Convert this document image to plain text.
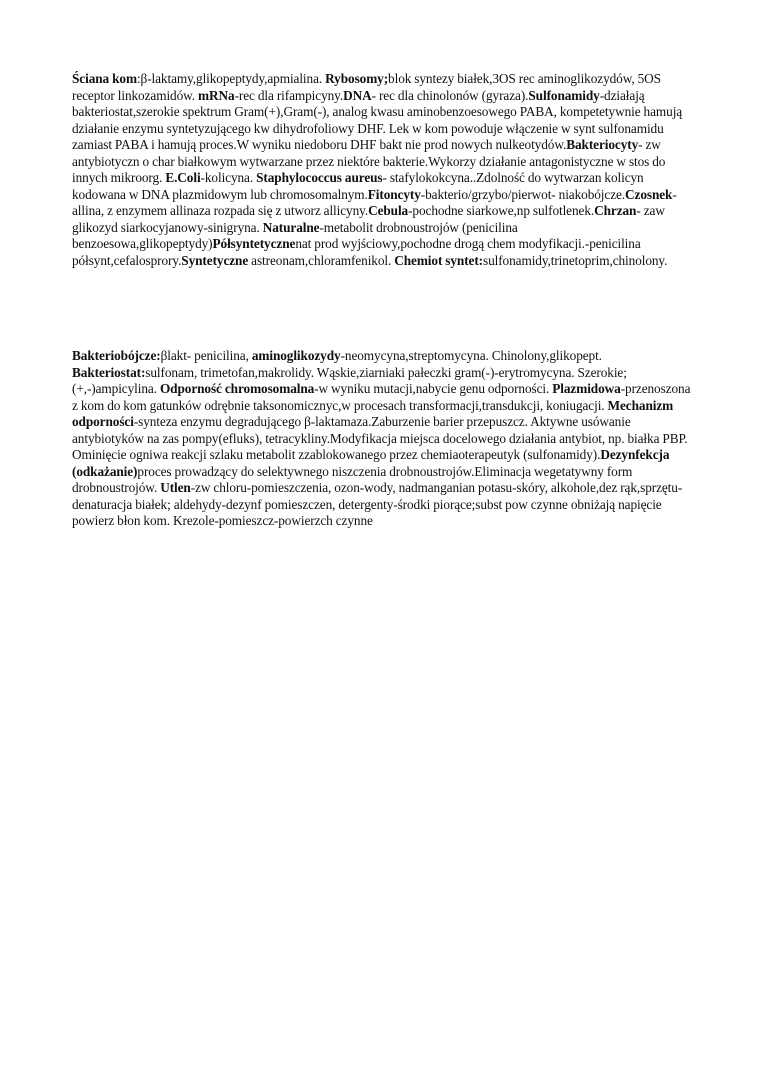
Ściana kom:β-laktamy,glikopeptydy,apmialina. Rybosomy;blok syntezy białek,3OS rec aminoglikozydów, 5OS receptor linkozamidów. mRNa-rec dla rifampicyny.DNA- rec dla chinolonów (gyraza).Sulfonamidy-działają bakteriostat,szerokie spektrum Gram(+),Gram(-), analog kwasu aminobenzoesowego PABA, kompetetywnie hamują działanie enzymu syntetyzującego kw dihydrofoliowy DHF. Lek w kom powoduje włączenie w synt sulfonamidu zamiast PABA i hamują proces.W wyniku niedoboru DHF bakt nie prod nowych nulkeotydów.Bakteriocyty- zw antybiotyczn o char białkowym wytwarzane przez niektóre bakterie.Wykorzy działanie antagonistyczne w stos do innych mikroorg. E.Coli-kolicyna. Staphylococcus aureus- stafylokokcyna..Zdolność do wytwarzan kolicyn kodowana w DNA plazmidowym lub chromosomalnym.Fitoncyty-bakterio/grzybo/pierwot- niakobójcze.Czosnek-allina, z enzymem allinaza rozpada się z utworz allicyny.Cebula-pochodne siarkowe,np sulfotlenek.Chrzan- zaw glikozyd siarkocyjanowy-sinigryna. Naturalne-metabolit drobnoustrojów (penicilina benzoesowa,glikopeptydy)Półsyntetycznenat prod wyjściowy,pochodne drogą chem modyfikacji.-penicilina półsynt,cefalosprory.Syntetyczne astreonam,chloramfenikol. Chemiot syntet:sulfonamidy,trinetoprim,chinolony.

Bakteriobójcze:βlakt- penicilina, aminoglikozydy-neomycyna,streptomycyna. Chinolony,glikopept. Bakteriostat:sulfonam, trimetofan,makrolidy. Wąskie,ziarniaki pałeczki gram(-)-erytromycyna. Szerokie;(+,-)ampicylina. Odporność chromosomalna-w wyniku mutacji,nabycie genu odporności. Plazmidowa-przenoszona z kom do kom gatunków odrębnie taksonomicznyc,w procesach transformacji,transdukcji, koniugacji. Mechanizm odporności-synteza enzymu degradującego β-laktamaza.Zaburzenie barier przepuszcz. Aktywne usówanie antybiotyków na zas pompy(efluks), tetracykliny.Modyfikacja miejsca docelowego działania antybiot, np. białka PBP. Ominięcie ogniwa reakcji szlaku metabolit zzablokowanego przez chemiaoterapeutyk (sulfonamidy).Dezynfekcja (odkażanie)proces prowadzący do selektywnego niszczenia drobnoustrojów.Eliminacja wegetatywny form drobnoustrojów. Utlen-zw chloru-pomieszczenia, ozon-wody, nadmanganian potasu-skóry, alkohole,dez rąk,sprzętu-denaturacja białek; aldehydy-dezynf pomieszczen, detergenty-środki piorące;subst pow czynne obniżają napięcie powierz błon kom. Krezole-pomieszcz-powierzch czynne
